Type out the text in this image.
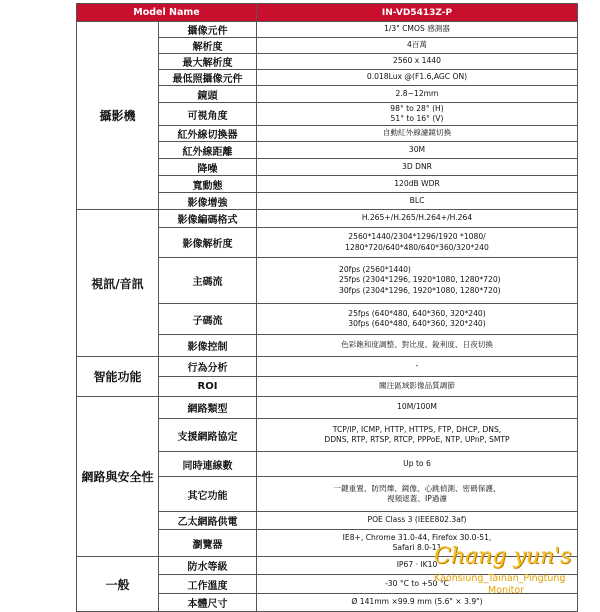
Model Name		IN-VD5413Z-P
攝影機	攝像元件	1/3" CMOS 感測器
	解析度	4百萬
	最大解析度	2560 x 1440
	最低照攝像元件	0.018Lux @(F1.6,AGC ON)
	鏡頭	2.8~12mm
	可視角度	98° to 28° (H)
51° to 16° (V)
	紅外線切換器	自動紅外線濾鏡切換
	紅外線距離	30M
	降噪	3D DNR
	寬動態	120dB WDR
	影像增強	BLC
視訊/音訊	影像編碼格式	H.265+/H.265/H.264+/H.264
	影像解析度	2560*1440/2304*1296/1920 *1080/
1280*720/640*480/640*360/320*240
	主碼流	20fps (2560*1440)
25fps (2304*1296, 1920*1080, 1280*720)
30fps (2304*1296, 1920*1080, 1280*720)
	子碼流	25fps (640*480, 640*360, 320*240)
30fps (640*480, 640*360, 320*240)
	影像控制	色彩飽和度調整、對比度、銳利度、日夜切換
智能功能	行為分析	-
	ROI	關注區域影像品質調節
網路與安全性	網路類型	10M/100M
	支援網路協定	TCP/IP, ICMP, HTTP, HTTPS, FTP, DHCP, DNS,
DDNS, RTP, RTSP, RTCP, PPPoE, NTP, UPnP, SMTP
	同時連線數	Up to 6
	其它功能	一鍵重置、防閃爍、鏡像、心跳偵測、密碼保護、
視頻遮蓋、IP過濾
	乙太網路供電	POE Class 3 (IEEE802.3af)
	瀏覽器	IE8+, Chrome 31.0-44, Firefox 30.0-51,
Safari 8.0-11
一般	防水等級	IP67 · IK10
	工作溫度	-30 °C to +50 °C
	本體尺寸	Ø 141mm ×99.9 mm (5.6" × 3.9")
Chang yun's
Kaohsiung_Tainan_Pingtung
Monitor
